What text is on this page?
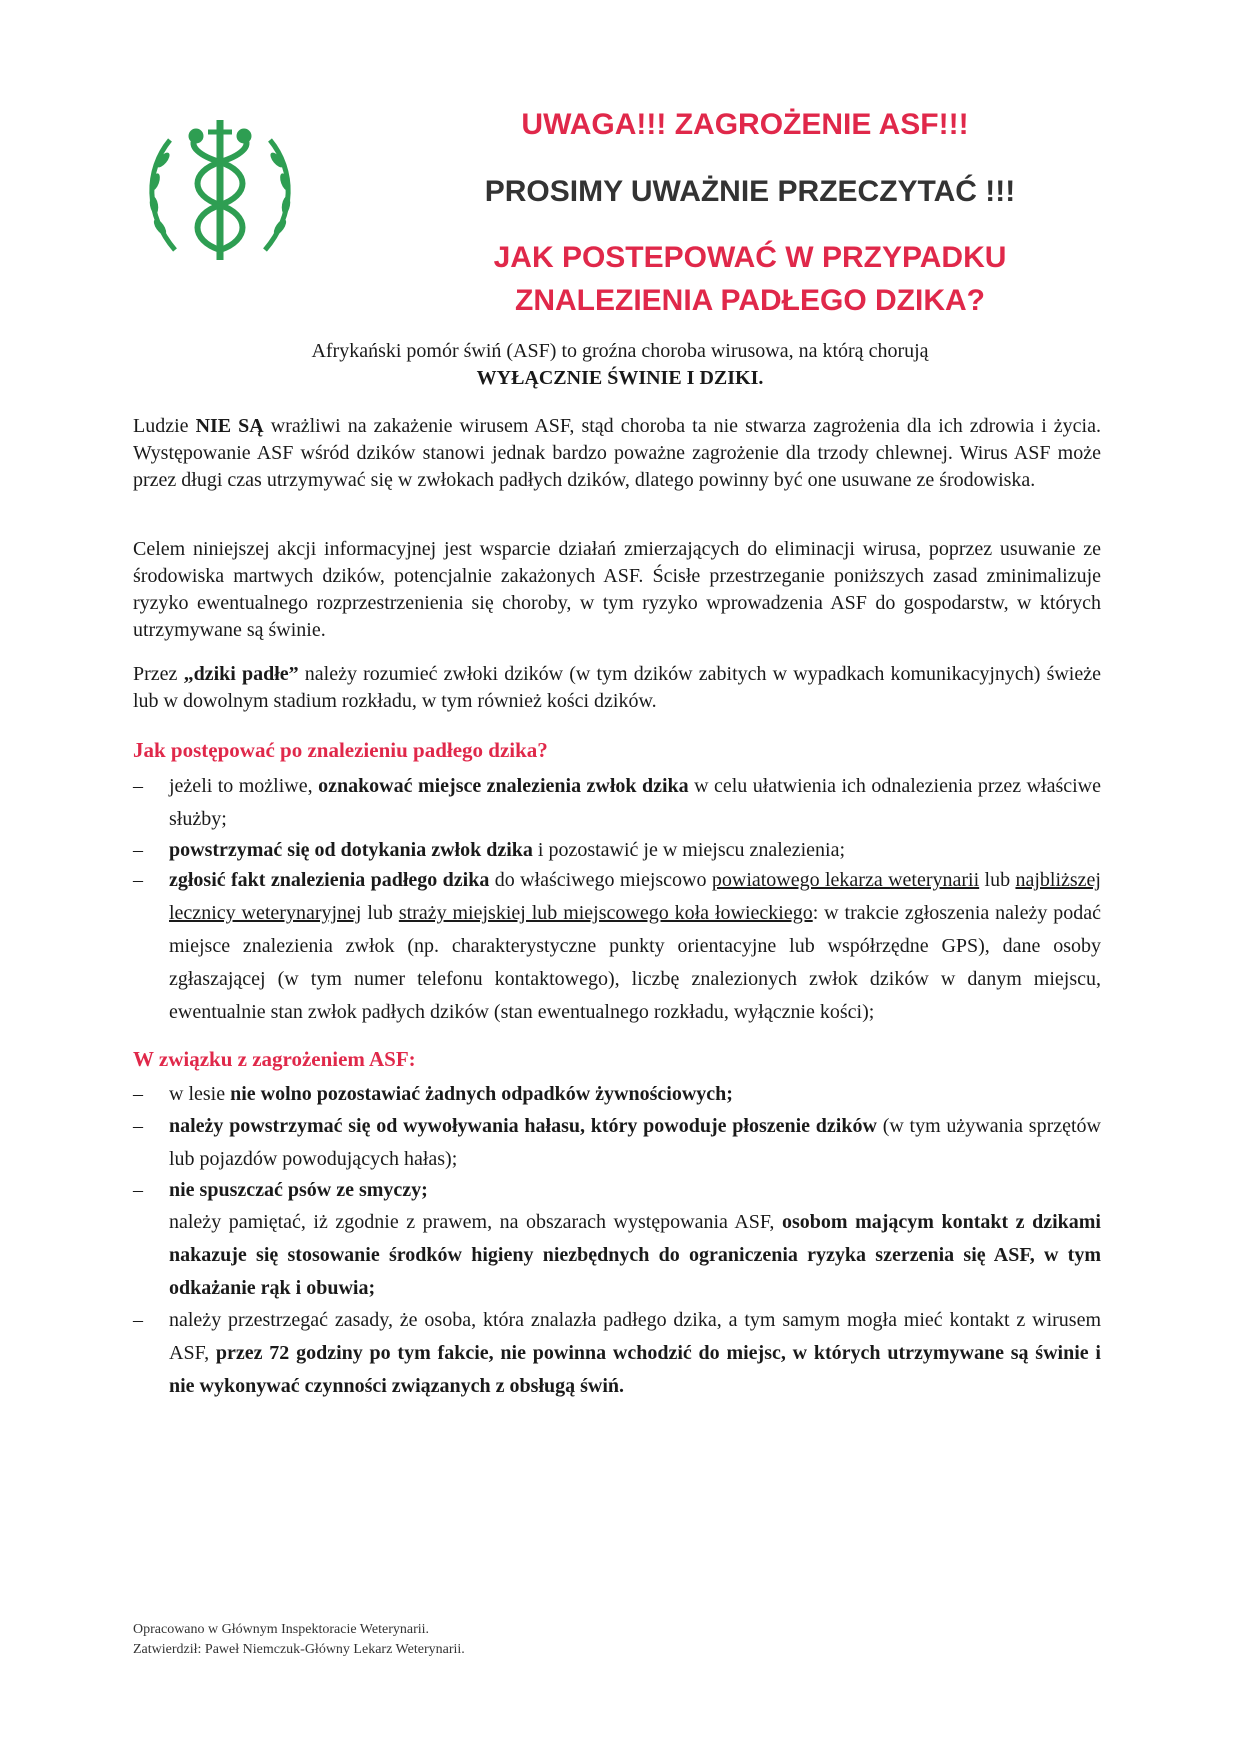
UWAGA!!! ZAGROŻENIE ASF!!!
PROSIMY UWAŻNIE PRZECZYTAĆ !!!
JAK POSTEPOWAĆ W PRZYPADKU
ZNALEZIENIA PADŁEGO DZIKA?
Afrykański pomór świń (ASF) to groźna choroba wirusowa, na którą chorują
WYŁĄCZNIE ŚWINIE I DZIKI.
Ludzie NIE SĄ wrażliwi na zakażenie wirusem ASF, stąd choroba ta nie stwarza zagrożenia dla ich zdrowia i życia. Występowanie ASF wśród dzików stanowi jednak bardzo poważne zagrożenie dla trzody chlewnej. Wirus ASF może przez długi czas utrzymywać się w zwłokach padłych dzików, dlatego powinny być one usuwane ze środowiska.
Celem niniejszej akcji informacyjnej jest wsparcie działań zmierzających do eliminacji wirusa, poprzez usuwanie ze środowiska martwych dzików, potencjalnie zakażonych ASF. Ścisłe przestrzeganie poniższych zasad zminimalizuje ryzyko ewentualnego rozprzestrzenienia się choroby, w tym ryzyko wprowadzenia ASF do gospodarstw, w których utrzymywane są świnie.
Przez „dziki padłe” należy rozumieć zwłoki dzików (w tym dzików zabitych w wypadkach komunikacyjnych) świeże lub w dowolnym stadium rozkładu, w tym również kości dzików.
Jak postępować po znalezieniu padłego dzika?
–	jeżeli to możliwe, oznakować miejsce znalezienia zwłok dzika w celu ułatwienia ich odnalezienia przez właściwe służby;
–	powstrzymać się od dotykania zwłok dzika i pozostawić je w miejscu znalezienia;
–	zgłosić fakt znalezienia padłego dzika do właściwego miejscowo powiatowego lekarza weterynarii lub najbliższej lecznicy weterynaryjnej lub straży miejskiej lub miejscowego koła łowieckiego: w trakcie zgłoszenia należy podać miejsce znalezienia zwłok (np. charakterystyczne punkty orientacyjne lub współrzędne GPS), dane osoby zgłaszającej (w tym numer telefonu kontaktowego), liczbę znalezionych zwłok dzików w danym miejscu, ewentualnie stan zwłok padłych dzików (stan ewentualnego rozkładu, wyłącznie kości);
W związku z zagrożeniem ASF:
–	w lesie nie wolno pozostawiać żadnych odpadków żywnościowych;
–	należy powstrzymać się od wywoływania hałasu, który powoduje płoszenie dzików (w tym używania sprzętów lub pojazdów powodujących hałas);
–	nie spuszczać psów ze smyczy;
należy pamiętać, iż zgodnie z prawem, na obszarach występowania ASF, osobom mającym kontakt z dzikami nakazuje się stosowanie środków higieny niezbędnych do ograniczenia ryzyka szerzenia się ASF, w tym odkażanie rąk i obuwia;
–	należy przestrzegać zasady, że osoba, która znalazła padłego dzika, a tym samym mogła mieć kontakt z wirusem ASF, przez 72 godziny po tym fakcie, nie powinna wchodzić do miejsc, w których utrzymywane są świnie i nie wykonywać czynności związanych z obsługą świń.
Opracowano w Głównym Inspektoracie Weterynarii.
Zatwierdził: Paweł Niemczuk-Główny Lekarz Weterynarii.
